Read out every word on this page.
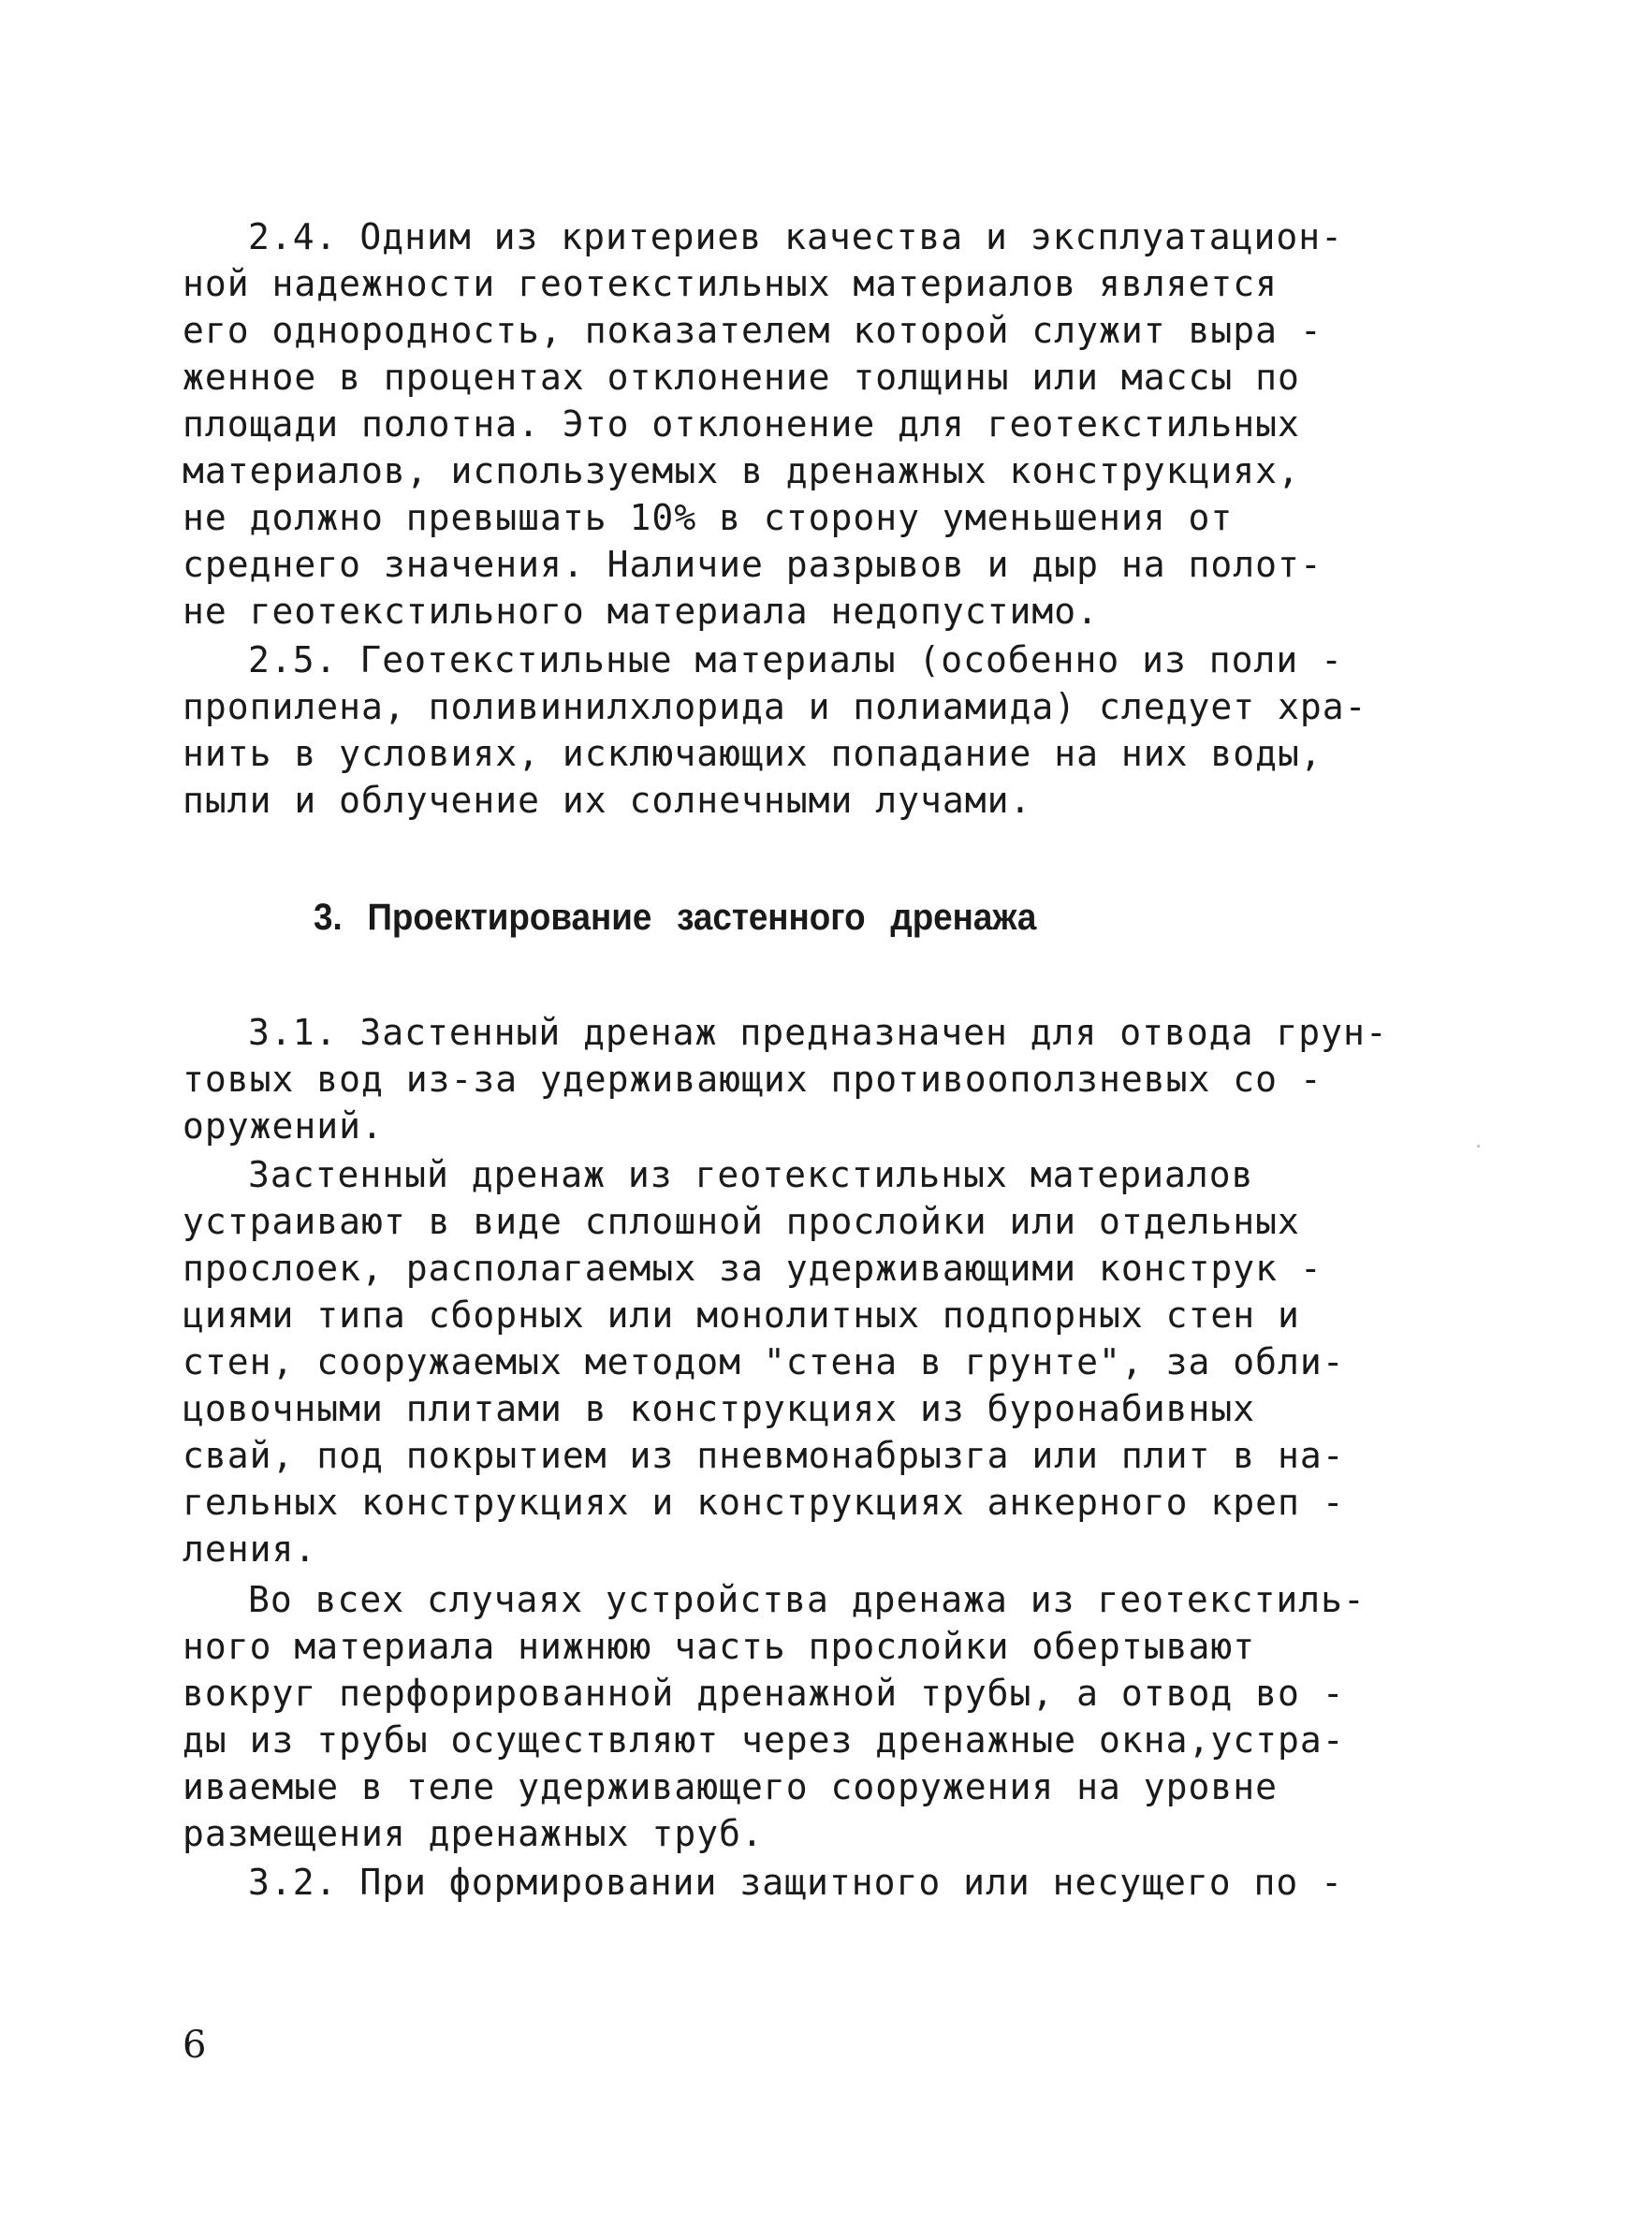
2.4. Одним из критериев качества и эксплуатацион-
ной надежности геотекстильных материалов является
его однородность, показателем которой служит выра -
женное в процентах отклонение толщины или массы по
площади полотна. Это отклонение для геотекстильных
материалов, используемых в дренажных конструкциях,
не должно превышать 10% в сторону уменьшения от
среднего значения. Наличие разрывов и дыр на полот-
не геотекстильного материала недопустимо.
2.5. Геотекстильные материалы (особенно из поли -
пропилена, поливинилхлорида и полиамида) следует хра-
нить в условиях, исключающих попадание на них воды,
пыли и облучение их солнечными лучами.
3. Проектирование застенного дренажа
3.1. Застенный дренаж предназначен для отвода грун-
товых вод из-за удерживающих противооползневых со -
оружений.
Застенный дренаж из геотекстильных материалов
устраивают в виде сплошной прослойки или отдельных
прослоек, располагаемых за удерживающими конструк -
циями типа сборных или монолитных подпорных стен и
стен, сооружаемых методом "стена в грунте", за обли-
цовочными плитами в конструкциях из буронабивных
свай, под покрытием из пневмонабрызга или плит в на-
гельных конструкциях и конструкциях анкерного креп -
ления.
Во всех случаях устройства дренажа из геотекстиль-
ного материала нижнюю часть прослойки обертывают
вокруг перфорированной дренажной трубы, а отвод во -
ды из трубы осуществляют через дренажные окна,устра-
иваемые в теле удерживающего сооружения на уровне
размещения дренажных труб.
3.2. При формировании защитного или несущего по -
6
